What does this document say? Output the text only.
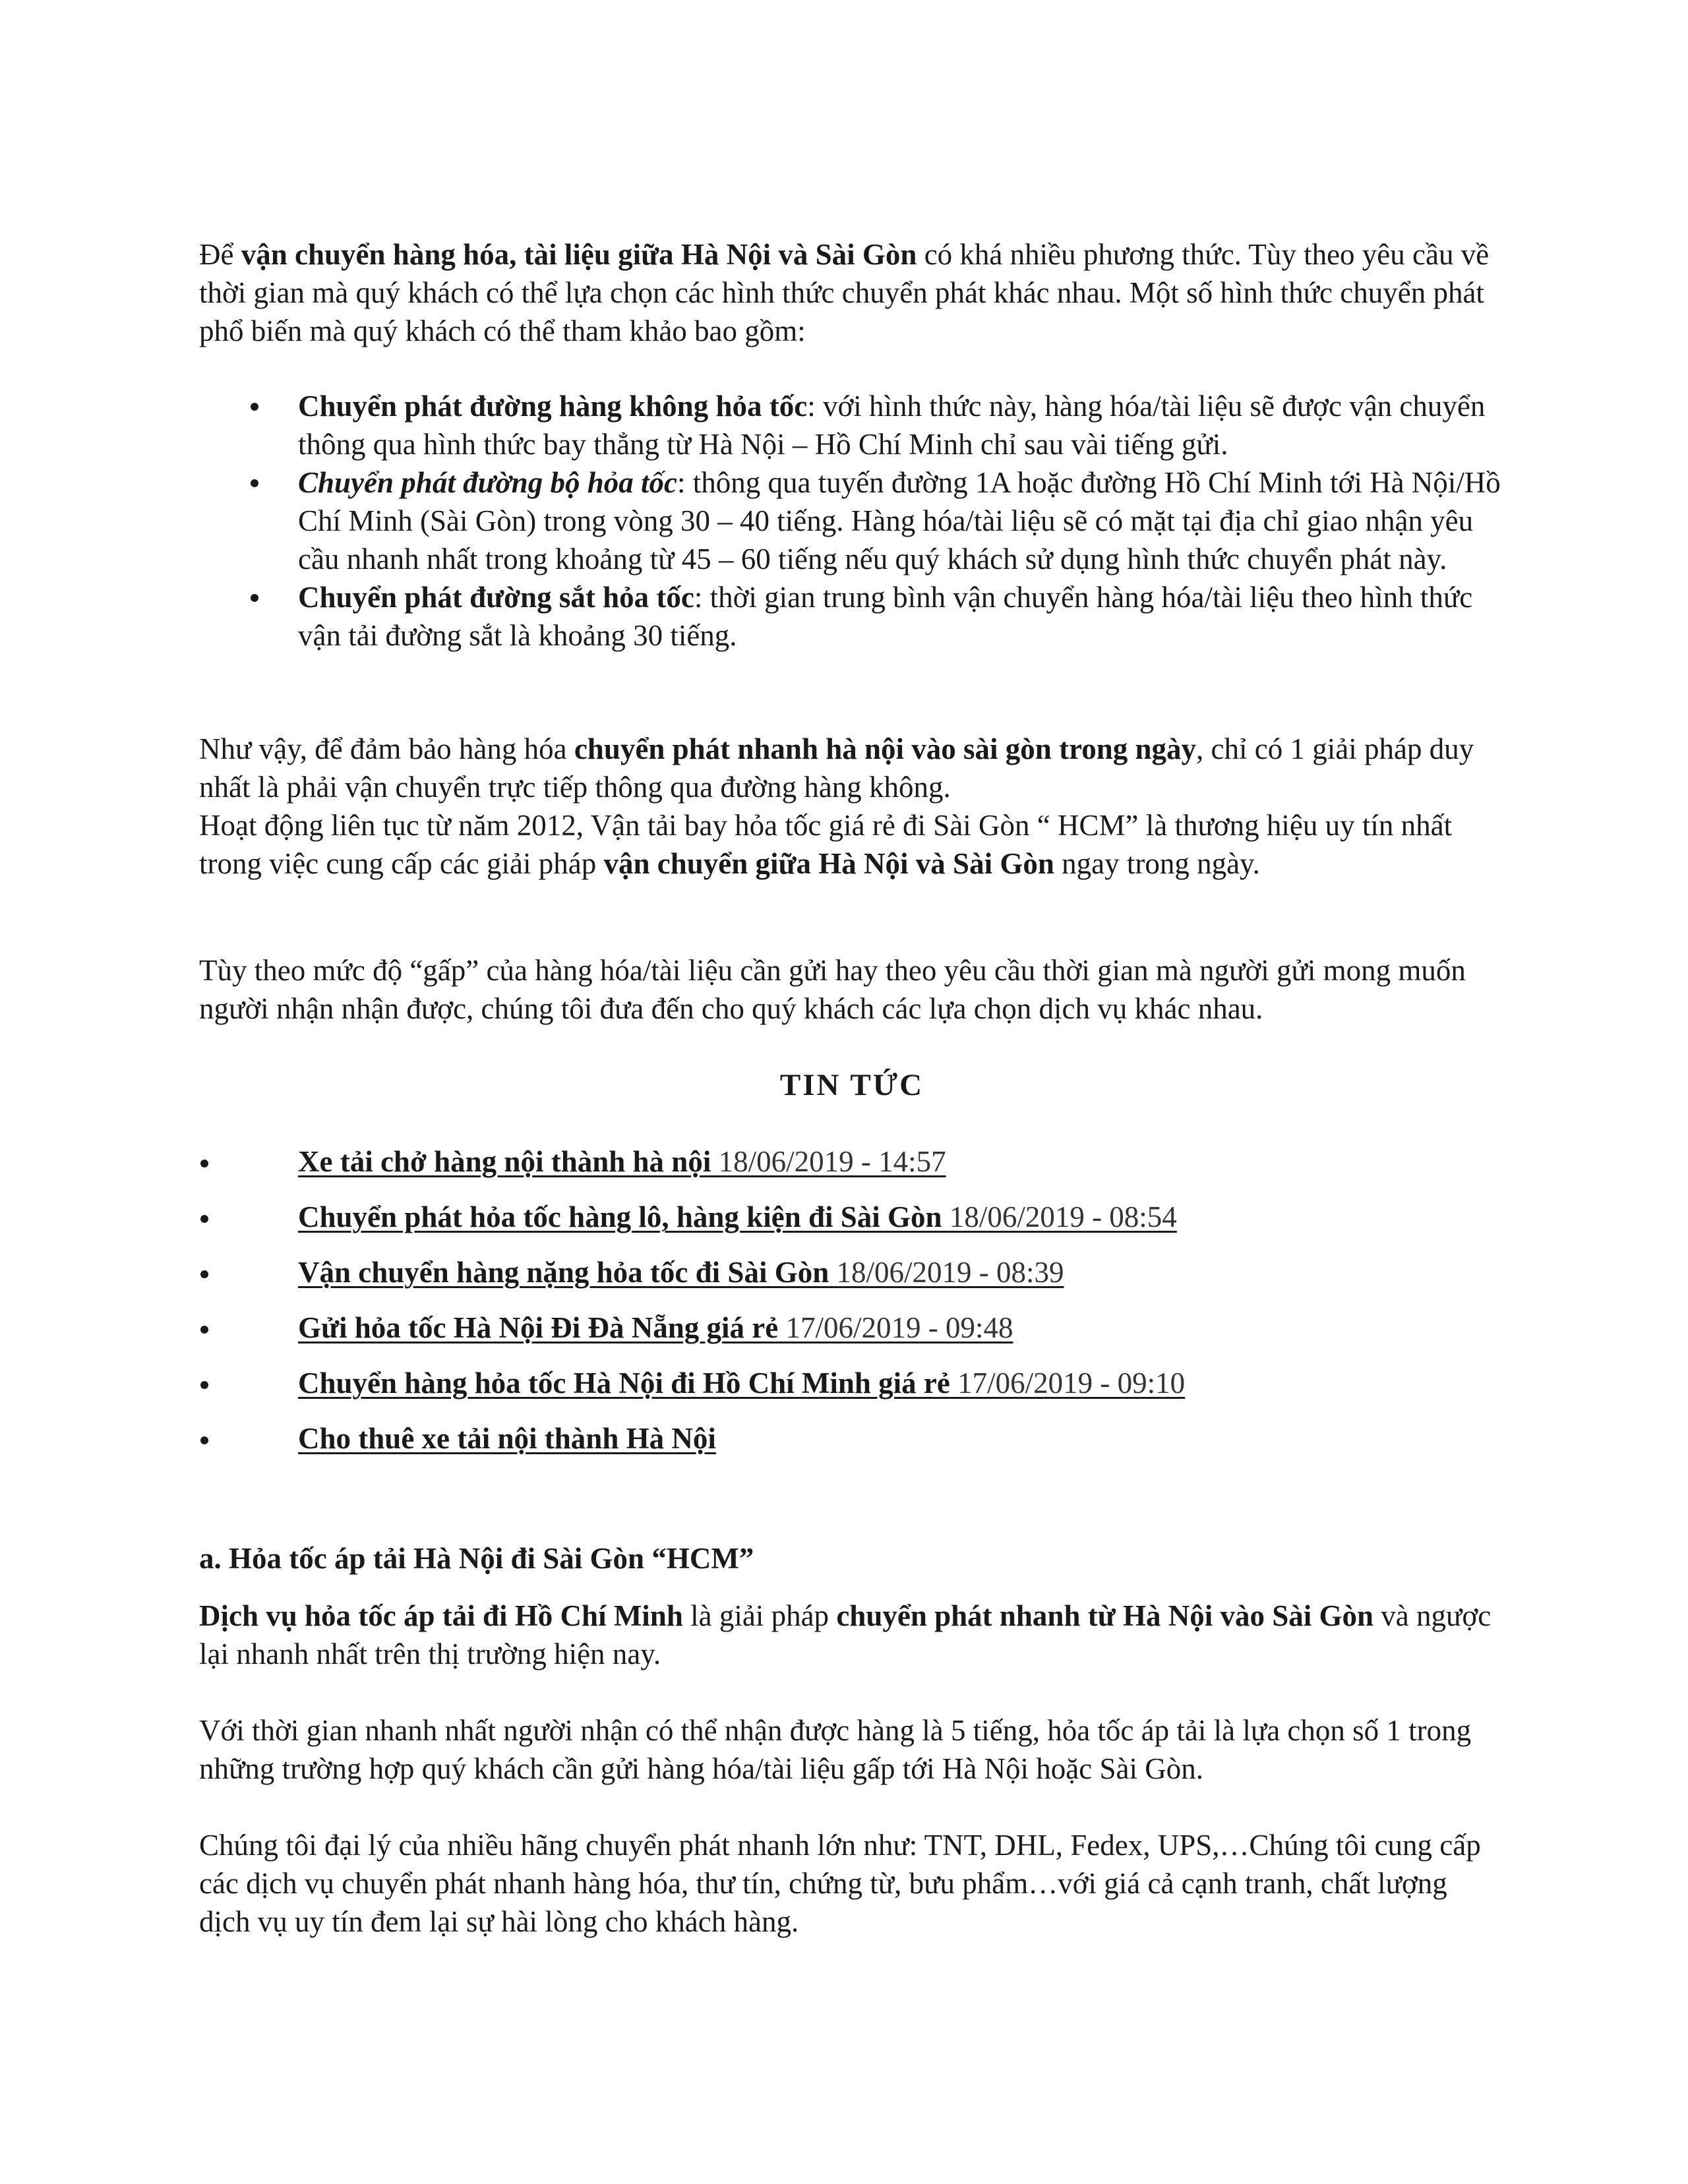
Để vận chuyển hàng hóa, tài liệu giữa Hà Nội và Sài Gòn có khá nhiều phương thức. Tùy theo yêu cầu về thời gian mà quý khách có thể lựa chọn các hình thức chuyển phát khác nhau. Một số hình thức chuyển phát phổ biến mà quý khách có thể tham khảo bao gồm:

Chuyển phát đường hàng không hỏa tốc: với hình thức này, hàng hóa/tài liệu sẽ được vận chuyển thông qua hình thức bay thẳng từ Hà Nội – Hồ Chí Minh chỉ sau vài tiếng gửi.

Chuyển phát đường bộ hỏa tốc: thông qua tuyến đường 1A hoặc đường Hồ Chí Minh tới Hà Nội/Hồ Chí Minh (Sài Gòn) trong vòng 30 – 40 tiếng. Hàng hóa/tài liệu sẽ có mặt tại địa chỉ giao nhận yêu cầu nhanh nhất trong khoảng từ 45 – 60 tiếng nếu quý khách sử dụng hình thức chuyển phát này.

Chuyển phát đường sắt hỏa tốc: thời gian trung bình vận chuyển hàng hóa/tài liệu theo hình thức vận tải đường sắt là khoảng 30 tiếng.

Như vậy, để đảm bảo hàng hóa chuyển phát nhanh hà nội vào sài gòn trong ngày, chỉ có 1 giải pháp duy nhất là phải vận chuyển trực tiếp thông qua đường hàng không.

Hoạt động liên tục từ năm 2012, Vận tải bay hỏa tốc giá rẻ đi Sài Gòn “ HCM” là thương hiệu uy tín nhất trong việc cung cấp các giải pháp vận chuyển giữa Hà Nội và Sài Gòn ngay trong ngày.

Tùy theo mức độ “gấp” của hàng hóa/tài liệu cần gửi hay theo yêu cầu thời gian mà người gửi mong muốn người nhận nhận được, chúng tôi đưa đến cho quý khách các lựa chọn dịch vụ khác nhau.

TIN TỨC
Xe tải chở hàng nội thành hà nội 18/06/2019 - 14:57
Chuyển phát hỏa tốc hàng lô, hàng kiện đi Sài Gòn 18/06/2019 - 08:54
Vận chuyển hàng nặng hỏa tốc đi Sài Gòn 18/06/2019 - 08:39
Gửi hỏa tốc Hà Nội Đi Đà Nẵng giá rẻ 17/06/2019 - 09:48
Chuyển hàng hỏa tốc Hà Nội đi Hồ Chí Minh giá rẻ 17/06/2019 - 09:10
Cho thuê xe tải nội thành Hà Nội
a. Hỏa tốc áp tải Hà Nội đi Sài Gòn “HCM”

Dịch vụ hỏa tốc áp tải đi Hồ Chí Minh là giải pháp chuyển phát nhanh từ Hà Nội vào Sài Gòn và ngược lại nhanh nhất trên thị trường hiện nay.

Với thời gian nhanh nhất người nhận có thể nhận được hàng là 5 tiếng, hỏa tốc áp tải là lựa chọn số 1 trong những trường hợp quý khách cần gửi hàng hóa/tài liệu gấp tới Hà Nội hoặc Sài Gòn.

Chúng tôi đại lý của nhiều hãng chuyển phát nhanh lớn như: TNT, DHL, Fedex, UPS,…Chúng tôi cung cấp các dịch vụ chuyển phát nhanh hàng hóa, thư tín, chứng từ, bưu phẩm…với giá cả cạnh tranh, chất lượng dịch vụ uy tín đem lại sự hài lòng cho khách hàng.
